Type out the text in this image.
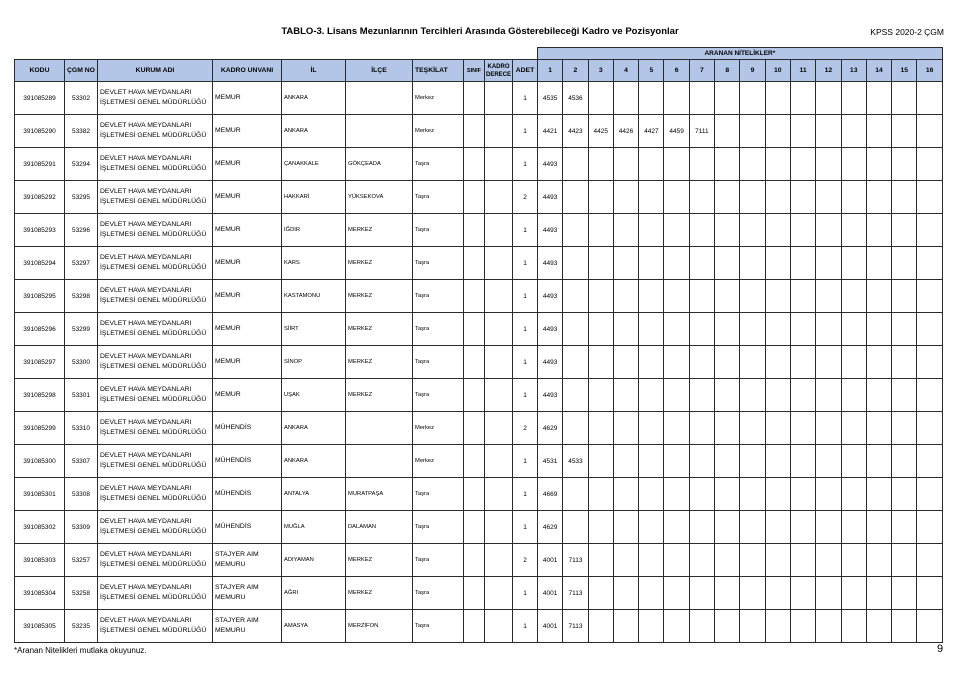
TABLO-3. Lisans Mezunlarının Tercihleri Arasında Gösterebileceği Kadro ve Pozisyonlar	KPSS 2020-2 ÇGM
										ARANAN NİTELİKLER*															
KODU	ÇGM NO	KURUM ADI	KADRO UNVANI	İL	İLÇE	TEŞKİLAT	SINIF	KADRO
DERECE	ADET	1	2	3	4	5	6	7	8	9	10	11	12	13	14	15	16
391085289	53302	DEVLET HAVA MEYDANLARI
İŞLETMESİ GENEL MÜDÜRLÜĞÜ	MEMUR	ANKARA		Merkez			1	4535	4536														
391085290	53382	DEVLET HAVA MEYDANLARI
İŞLETMESİ GENEL MÜDÜRLÜĞÜ	MEMUR	ANKARA		Merkez			1	4421	4423	4425	4426	4427	4459	7111									
391085291	53294	DEVLET HAVA MEYDANLARI
İŞLETMESİ GENEL MÜDÜRLÜĞÜ	MEMUR	ÇANAKKALE	GÖKÇEADA	Taşra			1	4493															
391085292	53295	DEVLET HAVA MEYDANLARI
İŞLETMESİ GENEL MÜDÜRLÜĞÜ	MEMUR	HAKKARİ	YÜKSEKOVA	Taşra			2	4493															
391085293	53296	DEVLET HAVA MEYDANLARI
İŞLETMESİ GENEL MÜDÜRLÜĞÜ	MEMUR	IĞDIR	MERKEZ	Taşra			1	4493															
391085294	53297	DEVLET HAVA MEYDANLARI
İŞLETMESİ GENEL MÜDÜRLÜĞÜ	MEMUR	KARS	MERKEZ	Taşra			1	4493															
391085295	53298	DEVLET HAVA MEYDANLARI
İŞLETMESİ GENEL MÜDÜRLÜĞÜ	MEMUR	KASTAMONU	MERKEZ	Taşra			1	4493															
391085296	53299	DEVLET HAVA MEYDANLARI
İŞLETMESİ GENEL MÜDÜRLÜĞÜ	MEMUR	SİİRT	MERKEZ	Taşra			1	4493															
391085297	53300	DEVLET HAVA MEYDANLARI
İŞLETMESİ GENEL MÜDÜRLÜĞÜ	MEMUR	SİNOP	MERKEZ	Taşra			1	4493															
391085298	53301	DEVLET HAVA MEYDANLARI
İŞLETMESİ GENEL MÜDÜRLÜĞÜ	MEMUR	UŞAK	MERKEZ	Taşra			1	4493															
391085299	53310	DEVLET HAVA MEYDANLARI
İŞLETMESİ GENEL MÜDÜRLÜĞÜ	MÜHENDİS	ANKARA		Merkez			2	4629															
391085300	53307	DEVLET HAVA MEYDANLARI
İŞLETMESİ GENEL MÜDÜRLÜĞÜ	MÜHENDİS	ANKARA		Merkez			1	4531	4533														
391085301	53308	DEVLET HAVA MEYDANLARI
İŞLETMESİ GENEL MÜDÜRLÜĞÜ	MÜHENDİS	ANTALYA	MURATPAŞA	Taşra			1	4669															
391085302	53309	DEVLET HAVA MEYDANLARI
İŞLETMESİ GENEL MÜDÜRLÜĞÜ	MÜHENDİS	MUĞLA	DALAMAN	Taşra			1	4629															
391085303	53257	DEVLET HAVA MEYDANLARI
İŞLETMESİ GENEL MÜDÜRLÜĞÜ	STAJYER AIM
MEMURU	ADIYAMAN	MERKEZ	Taşra			2	4001	7113														
391085304	53258	DEVLET HAVA MEYDANLARI
İŞLETMESİ GENEL MÜDÜRLÜĞÜ	STAJYER AIM
MEMURU	AĞRI	MERKEZ	Taşra			1	4001	7113														
391085305	53235	DEVLET HAVA MEYDANLARI
İŞLETMESİ GENEL MÜDÜRLÜĞÜ	STAJYER AIM
MEMURU	AMASYA	MERZİFON	Taşra			1	4001	7113														
*Aranan Nitelikleri mutlaka okuyunuz.	9
